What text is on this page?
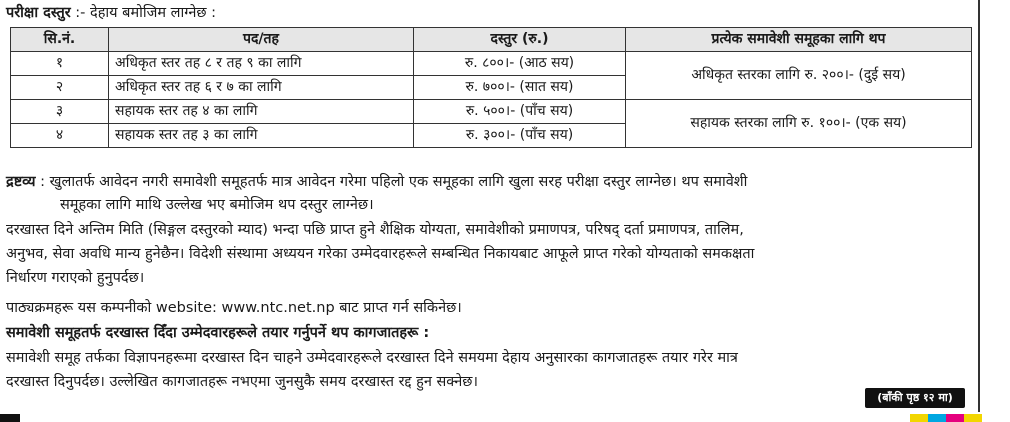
परीक्षा दस्तुर :- देहाय बमोजिम लाग्नेछ :
सि.नं.	पद/तह	दस्तुर (रु.)	प्रत्येक समावेशी समूहका लागि थप
१	अधिकृत स्तर तह ८ र तह ९ का लागि	रु. ८००।- (आठ सय)	अधिकृत स्तरका लागि रु. २००।- (दुई सय)
२	अधिकृत स्तर तह ६ र ७ का लागि	रु. ७००।- (सात सय)	
३	सहायक स्तर तह ४ का लागि	रु. ५००।- (पाँच सय)	सहायक स्तरका लागि रु. १००।- (एक सय)
४	सहायक स्तर तह ३ का लागि	रु. ३००।- (पाँच सय)	
द्रष्टव्य : खुलातर्फ आवेदन नगरी समावेशी समूहतर्फ मात्र आवेदन गरेमा पहिलो एक समूहका लागि खुला सरह परीक्षा दस्तुर लाग्नेछ। थप समावेशी
समूहका लागि माथि उल्लेख भए बमोजिम थप दस्तुर लाग्नेछ।
दरखास्त दिने अन्तिम मिति (सिङ्गल दस्तुरको म्याद) भन्दा पछि प्राप्त हुने शैक्षिक योग्यता, समावेशीको प्रमाणपत्र, परिषद् दर्ता प्रमाणपत्र, तालिम,
अनुभव, सेवा अवधि मान्य हुनेछैन। विदेशी संस्थामा अध्ययन गरेका उम्मेदवारहरूले सम्बन्धित निकायबाट आफूले प्राप्त गरेको योग्यताको समकक्षता
निर्धारण गराएको हुनुपर्दछ।
पाठ्यक्रमहरू यस कम्पनीको website: www.ntc.net.np बाट प्राप्त गर्न सकिनेछ।
समावेशी समूहतर्फ दरखास्त दिँदा उम्मेदवारहरूले तयार गर्नुपर्ने थप कागजातहरू :
समावेशी समूह तर्फका विज्ञापनहरूमा दरखास्त दिन चाहने उम्मेदवारहरूले दरखास्त दिने समयमा देहाय अनुसारका कागजातहरू तयार गरेर मात्र
दरखास्त दिनुपर्दछ। उल्लेखित कागजातहरू नभएमा जुनसुकै समय दरखास्त रद्द हुन सक्नेछ।
(बाँकी पृष्ठ १२ मा)
